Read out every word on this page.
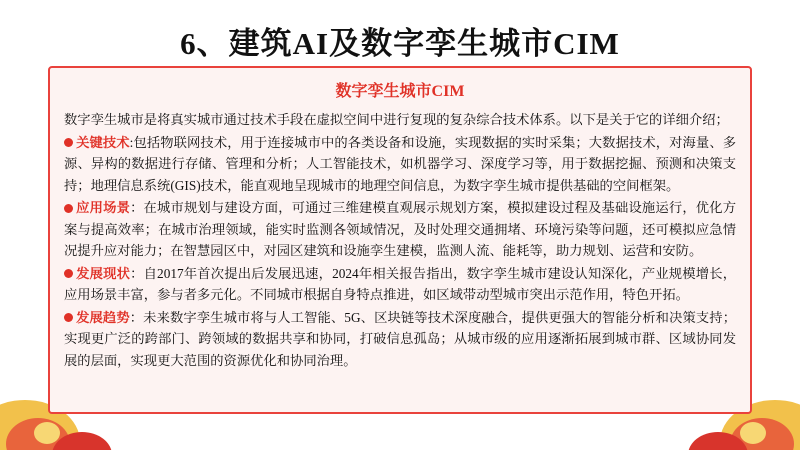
6、建筑AI及数字孪生城市CIM
数字孪生城市CIM

数字孪生城市是将真实城市通过技术手段在虚拟空间中进行复现的复杂综合技术体系。以下是关于它的详细介绍；

关键技术:包括物联网技术，用于连接城市中的各类设备和设施，实现数据的实时采集；大数据技术，对海量、多源、异构的数据进行存储、管理和分析；人工智能技术，如机器学习、深度学习等，用于数据挖掘、预测和决策支持；地理信息系统(GIS)技术，能直观地呈现城市的地理空间信息，为数字孪生城市提供基础的空间框架。

应用场景：在城市规划与建设方面，可通过三维建模直观展示规划方案，模拟建设过程及基础设施运行，优化方案与提高效率；在城市治理领域，能实时监测各领域情况，及时处理交通拥堵、环境污染等问题，还可模拟应急情况提升应对能力；在智慧园区中，对园区建筑和设施孪生建模，监测人流、能耗等，助力规划、运营和安防。

发展现状：自2017年首次提出后发展迅速，2024年相关报告指出，数字孪生城市建设认知深化，产业规模增长，应用场景丰富，参与者多元化。不同城市根据自身特点推进，如区域带动型城市突出示范作用，特色开拓。

发展趋势：未来数字孪生城市将与人工智能、5G、区块链等技术深度融合，提供更强大的智能分析和决策支持；实现更广泛的跨部门、跨领域的数据共享和协同，打破信息孤岛；从城市级的应用逐渐拓展到城市群、区域协同发展的层面，实现更大范围的资源优化和协同治理。
